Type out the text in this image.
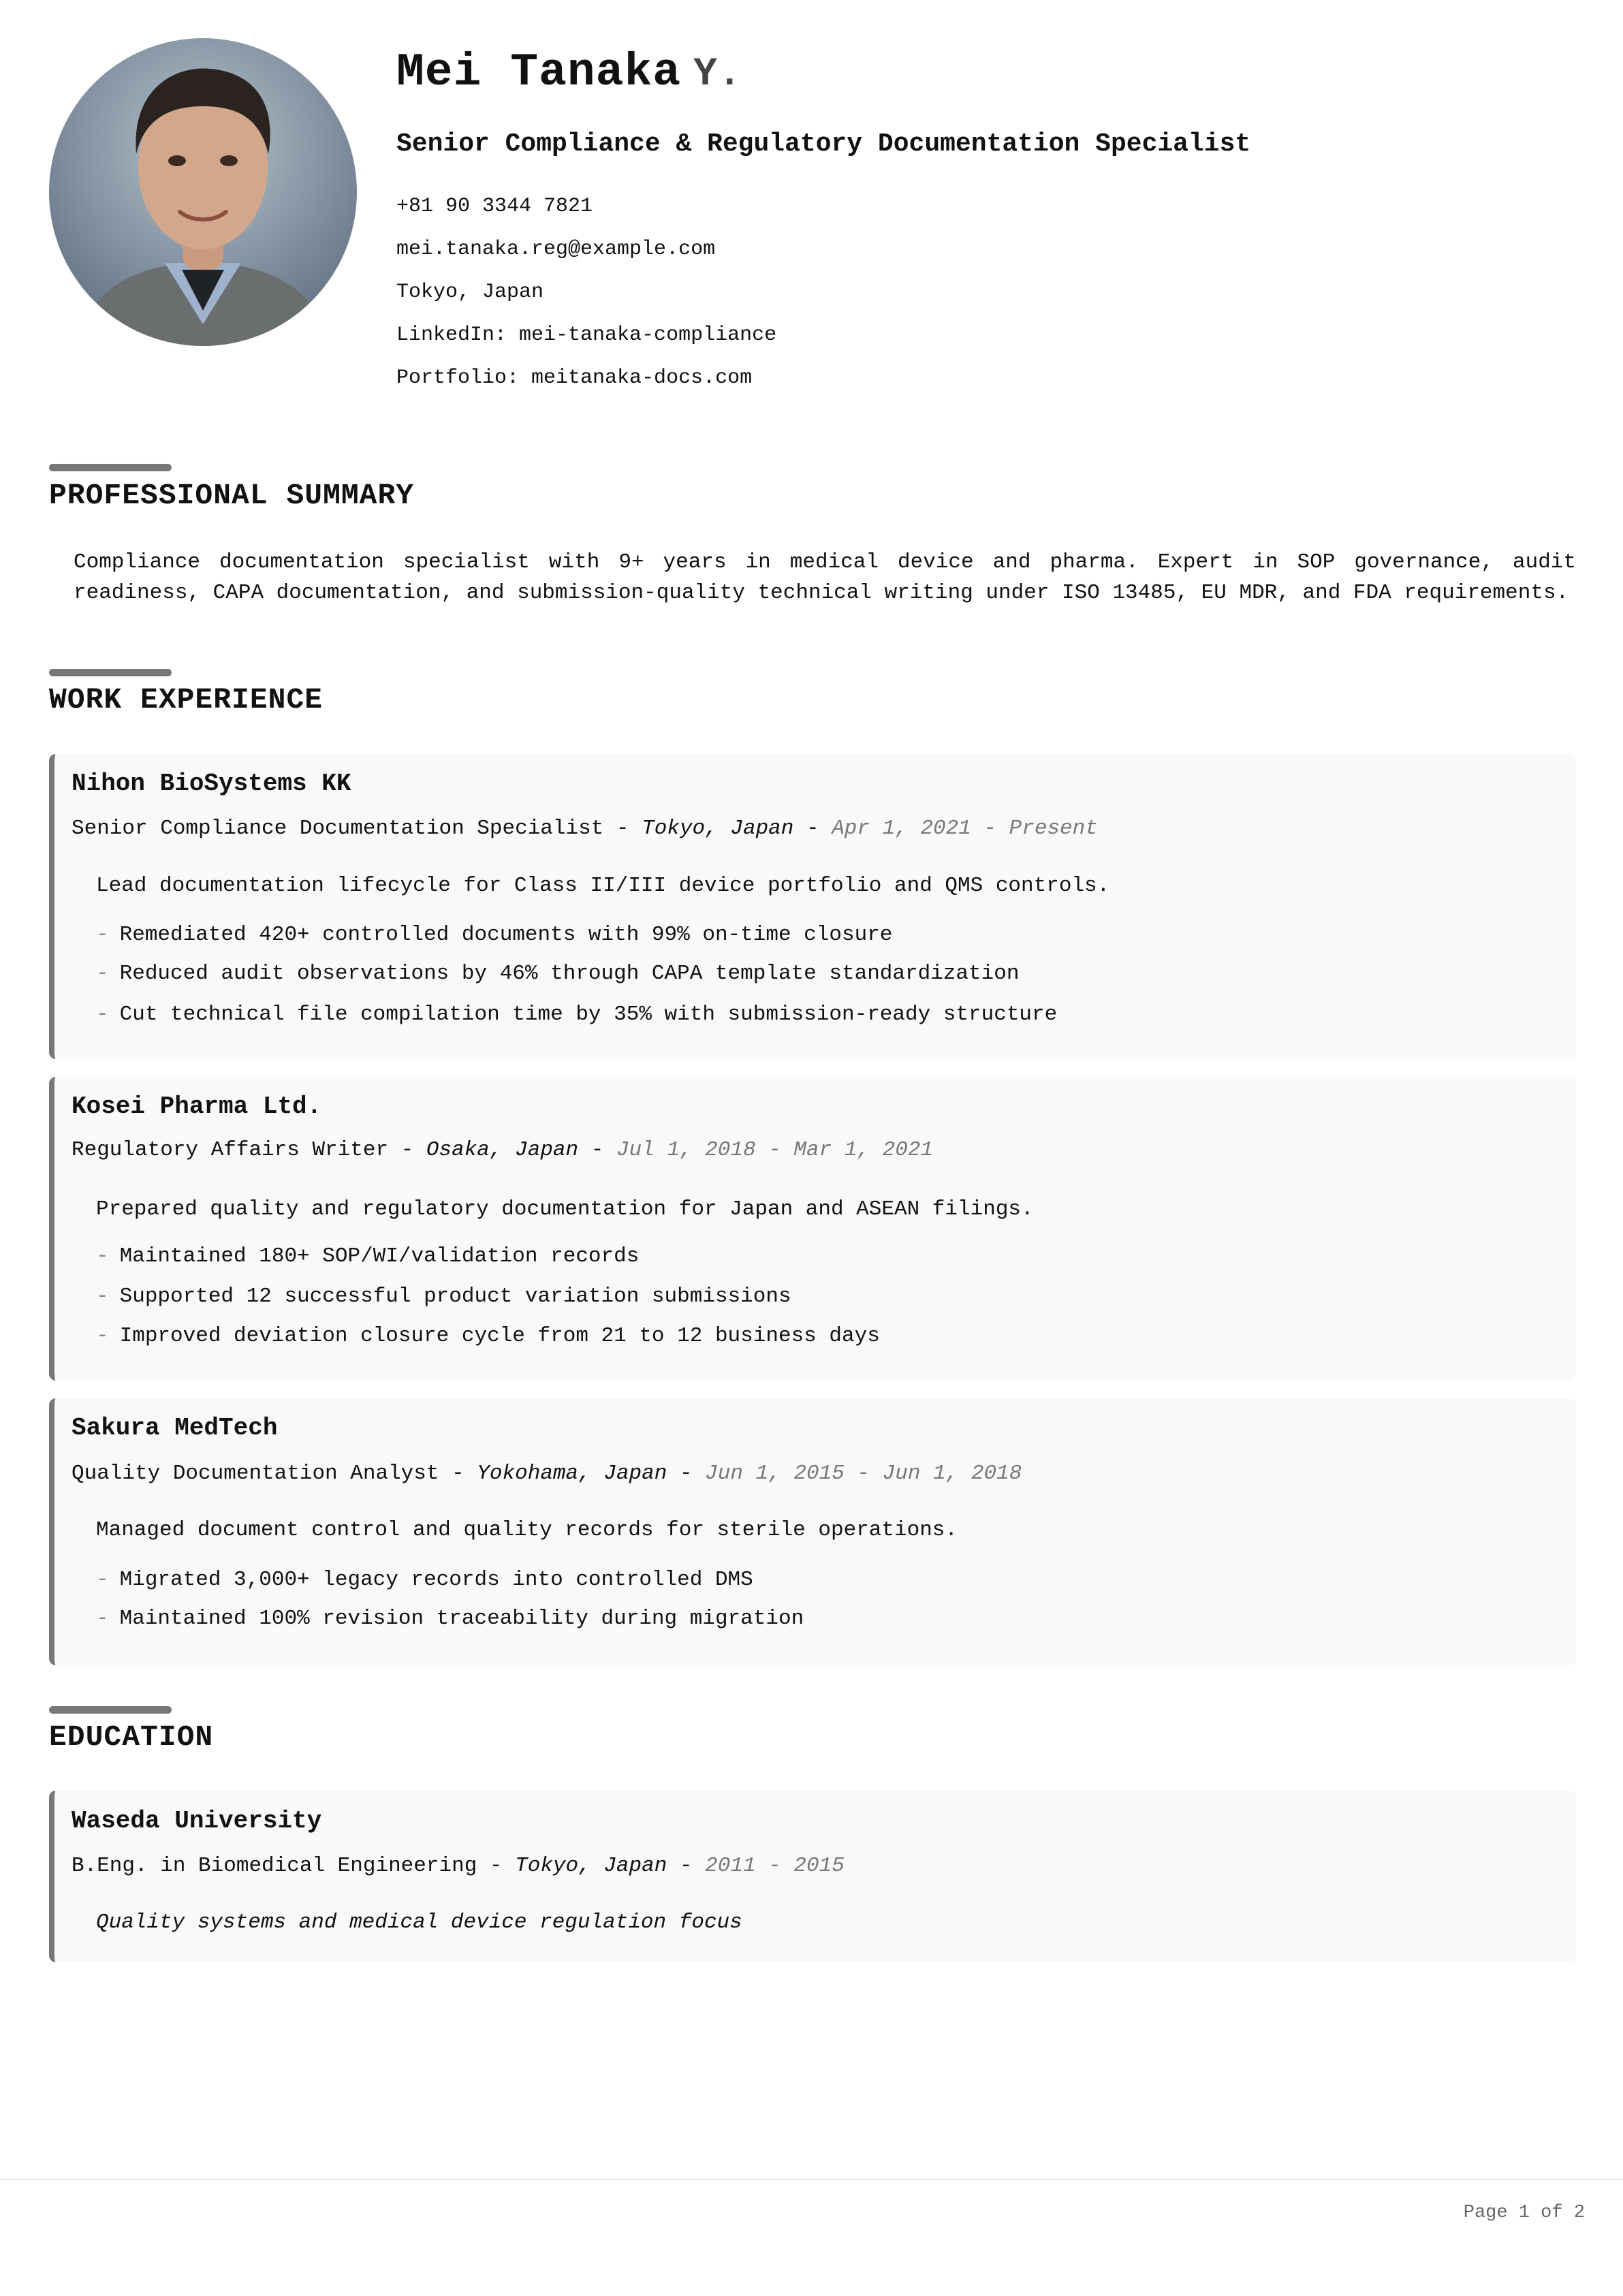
Mei Tanaka Y.
Senior Compliance & Regulatory Documentation Specialist
+81 90 3344 7821
mei.tanaka.reg@example.com
Tokyo, Japan
LinkedIn: mei-tanaka-compliance
Portfolio: meitanaka-docs.com
PROFESSIONAL SUMMARY

Compliance documentation specialist with 9+ years in medical device and pharma. Expert in SOP governance, audit readiness, CAPA documentation, and submission-quality technical writing under ISO 13485, EU MDR, and FDA requirements.

WORK EXPERIENCE
Nihon BioSystems KK
Senior Compliance Documentation Specialist - Tokyo, Japan - Apr 1, 2021 - Present
Lead documentation lifecycle for Class II/III device portfolio and QMS controls.
- Remediated 420+ controlled documents with 99% on-time closure
- Reduced audit observations by 46% through CAPA template standardization
- Cut technical file compilation time by 35% with submission-ready structure
Kosei Pharma Ltd.
Regulatory Affairs Writer - Osaka, Japan - Jul 1, 2018 - Mar 1, 2021
Prepared quality and regulatory documentation for Japan and ASEAN filings.
- Maintained 180+ SOP/WI/validation records
- Supported 12 successful product variation submissions
- Improved deviation closure cycle from 21 to 12 business days
Sakura MedTech
Quality Documentation Analyst - Yokohama, Japan - Jun 1, 2015 - Jun 1, 2018
Managed document control and quality records for sterile operations.
- Migrated 3,000+ legacy records into controlled DMS
- Maintained 100% revision traceability during migration
EDUCATION
Waseda University
B.Eng. in Biomedical Engineering - Tokyo, Japan - 2011 - 2015
Quality systems and medical device regulation focus
Page 1 of 2
